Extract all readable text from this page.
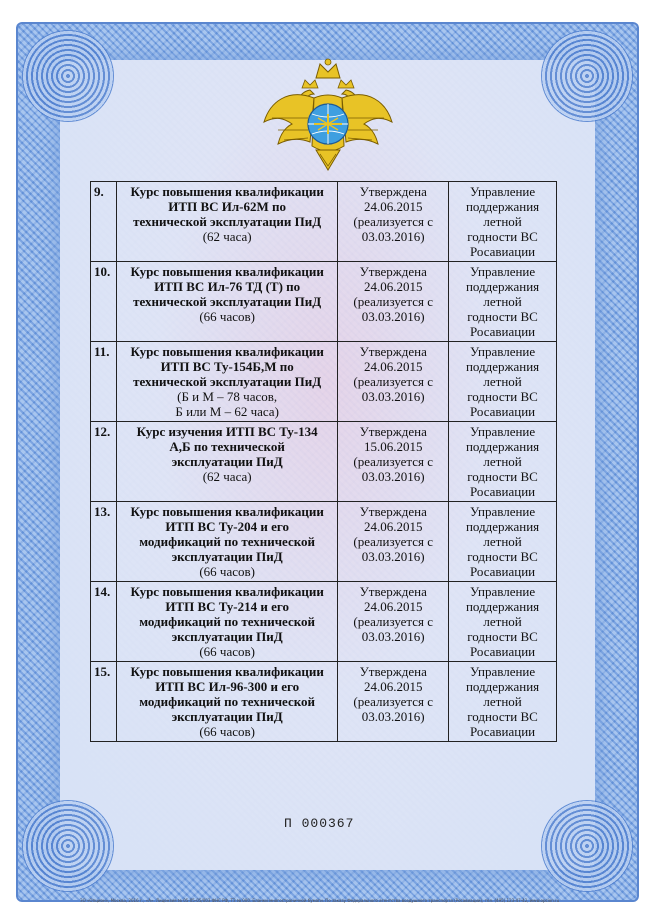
9.	Курс повышения квалификации
ИТП ВС Ил-62М по
технической эксплуатации ПиД
(62 часа)	Утверждена
24.06.2015
(реализуется с
03.03.2016)	Управление
поддержания
летной
годности ВС
Росавиации

10.	Курс повышения квалификации
ИТП ВС Ил-76 ТД (Т) по
технической эксплуатации ПиД
(66 часов)	Утверждена
24.06.2015
(реализуется с
03.03.2016)	Управление
поддержания
летной
годности ВС
Росавиации

11.	Курс повышения квалификации
ИТП ВС Ту-154Б,М по
технической эксплуатации ПиД
(Б и М – 78 часов,
Б или М – 62 часа)	Утверждена
24.06.2015
(реализуется с
03.03.2016)	Управление
поддержания
летной
годности ВС
Росавиации

12.	Курс изучения ИТП ВС Ту-134
А,Б по технической
эксплуатации ПиД
(62 часа)	Утверждена
15.06.2015
(реализуется с
03.03.2016)	Управление
поддержания
летной
годности ВС
Росавиации

13.	Курс повышения квалификации
ИТП ВС Ту-204 и его
модификаций по технической
эксплуатации ПиД
(66 часов)	Утверждена
24.06.2015
(реализуется с
03.03.2016)	Управление
поддержания
летной
годности ВС
Росавиации

14.	Курс повышения квалификации
ИТП ВС Ту-214 и его
модификаций по технической
эксплуатации ПиД
(66 часов)	Утверждена
24.06.2015
(реализуется с
03.03.2016)	Управление
поддержания
летной
годности ВС
Росавиации

15.	Курс повышения квалификации
ИТП ВС Ил-96-300 и его
модификаций по технической
эксплуатации ПиД
(66 часов)	Утверждена
24.06.2015
(реализуется с
03.03.2016)	Управление
поддержания
летной
годности ВС
Росавиации
П 000367
ЗО «Опцион», Москва, 2016 г., «А». Лицензия № 05-05-05/003 ФНС РФ, ТЗ № 000. Бланки многостраничной бумаги. По заказу Федерального агентства воздушного транспорта (Росавиации), тел. (495) 123-47-42, www.opcion.ru
